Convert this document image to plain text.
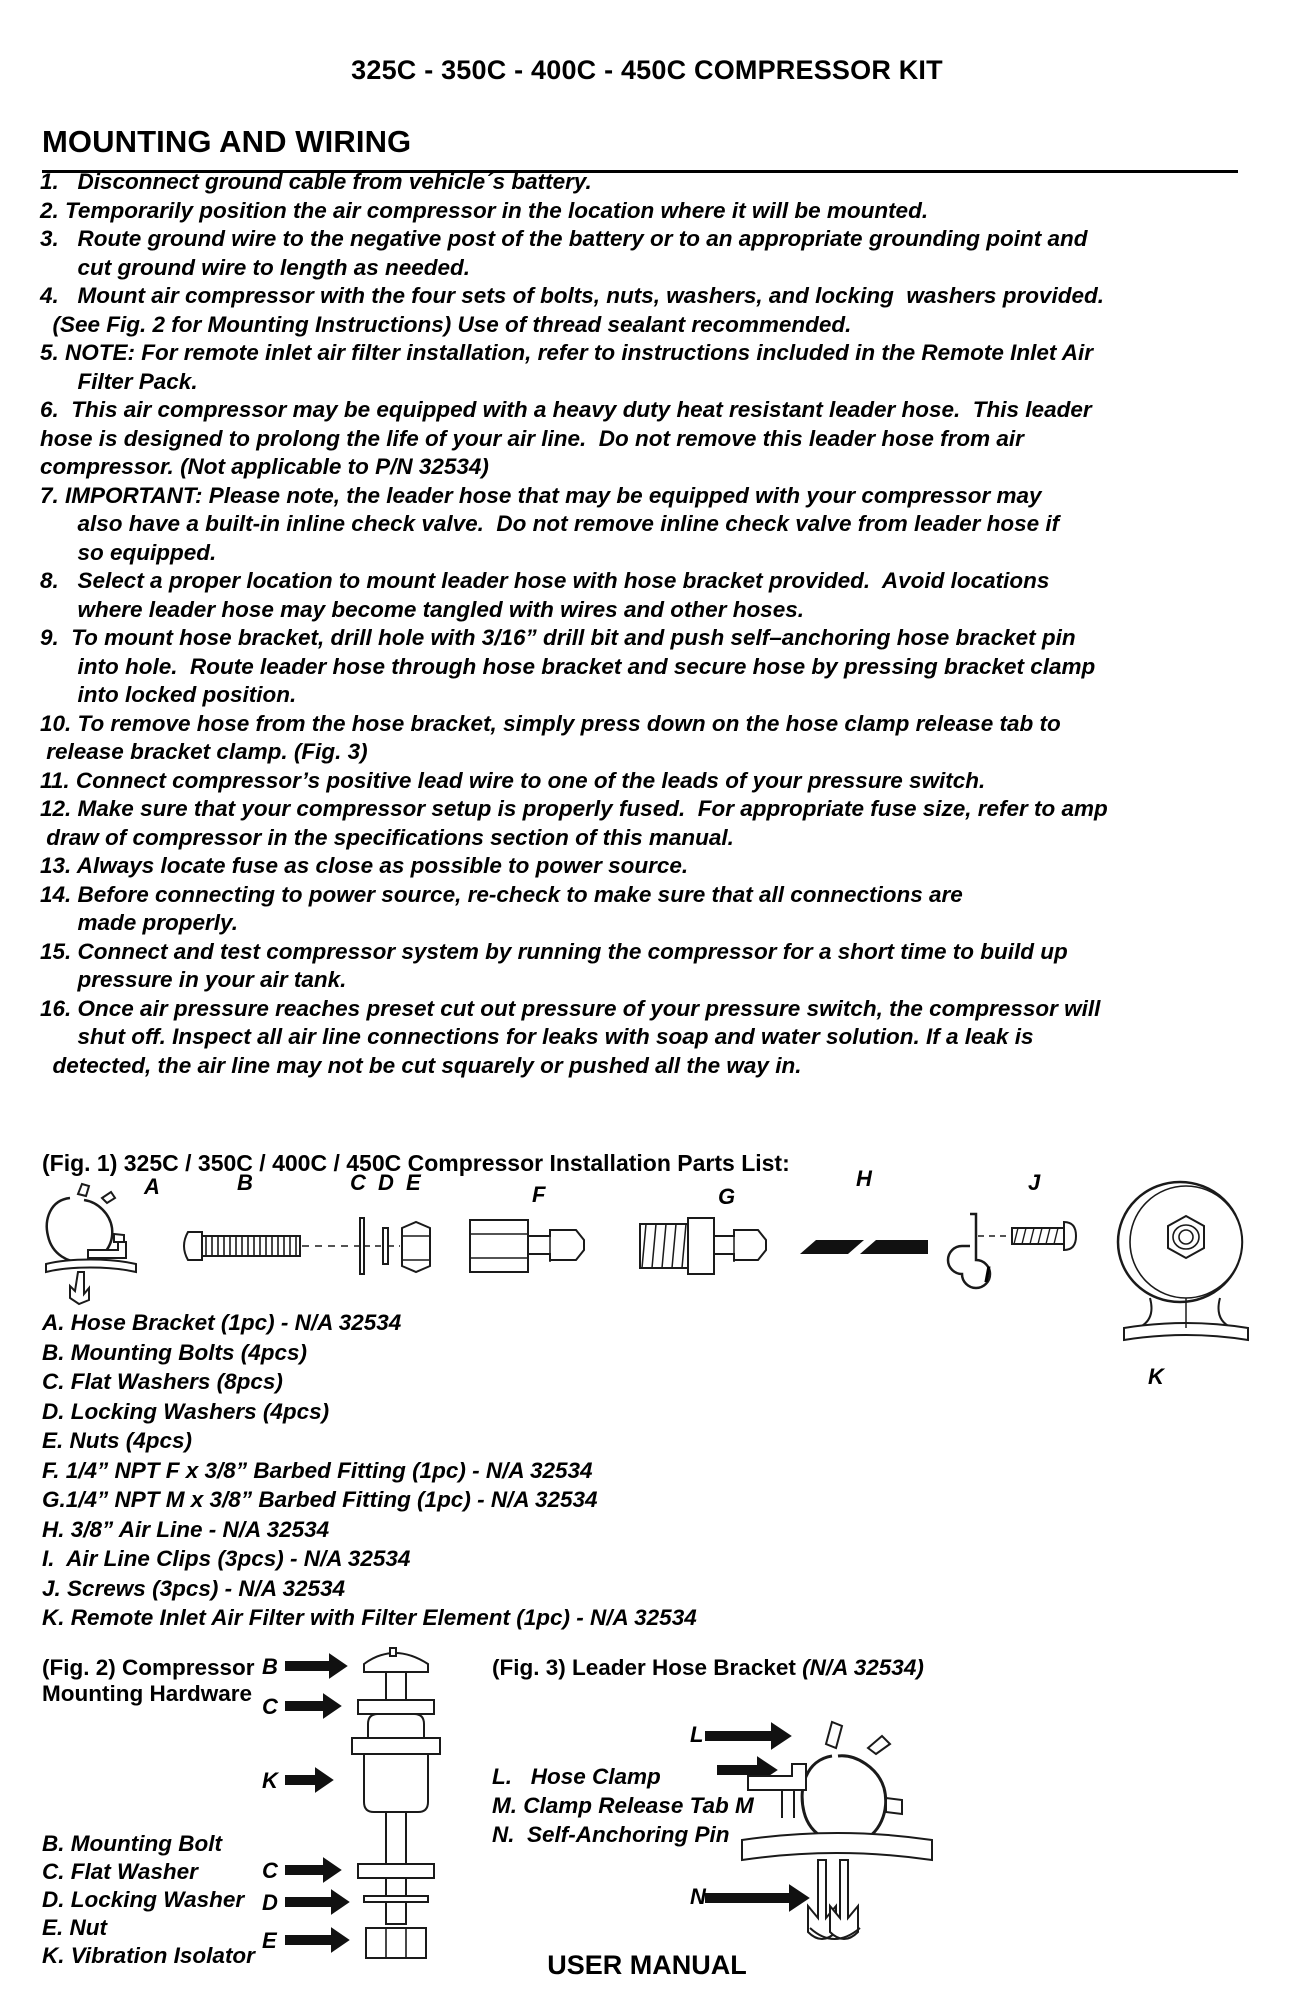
325C - 350C - 400C - 450C COMPRESSOR KIT
MOUNTING AND WIRING
1.   Disconnect ground cable from vehicle´s battery.
2. Temporarily position the air compressor in the location where it will be mounted.
3.   Route ground wire to the negative post of the battery or to an appropriate grounding point and
cut ground wire to length as needed.
4.   Mount air compressor with the four sets of bolts, nuts, washers, and locking  washers provided.
(See Fig. 2 for Mounting Instructions) Use of thread sealant recommended.
5. NOTE: For remote inlet air filter installation, refer to instructions included in the Remote Inlet Air
Filter Pack.
6.  This air compressor may be equipped with a heavy duty heat resistant leader hose.  This leader
hose is designed to prolong the life of your air line.  Do not remove this leader hose from air
compressor. (Not applicable to P/N 32534)
7. IMPORTANT: Please note, the leader hose that may be equipped with your compressor may
also have a built-in inline check valve.  Do not remove inline check valve from leader hose if
so equipped.
8.   Select a proper location to mount leader hose with hose bracket provided.  Avoid locations
where leader hose may become tangled with wires and other hoses.
9.  To mount hose bracket, drill hole with 3/16” drill bit and push self–anchoring hose bracket pin
into hole.  Route leader hose through hose bracket and secure hose by pressing bracket clamp
into locked position.
10. To remove hose from the hose bracket, simply press down on the hose clamp release tab to
release bracket clamp. (Fig. 3)
11. Connect compressor’s positive lead wire to one of the leads of your pressure switch.
12. Make sure that your compressor setup is properly fused.  For appropriate fuse size, refer to amp
draw of compressor in the specifications section of this manual.
13. Always locate fuse as close as possible to power source.
14. Before connecting to power source, re-check to make sure that all connections are
made properly.
15. Connect and test compressor system by running the compressor for a short time to build up
pressure in your air tank.
16. Once air pressure reaches preset cut out pressure of your pressure switch, the compressor will
shut off. Inspect all air line connections for leaks with soap and water solution. If a leak is
detected, the air line may not be cut squarely or pushed all the way in.
(Fig. 1) 325C / 350C / 400C / 450C Compressor Installation Parts List:
A	B	C D E	F	G
H
I
J
K
A. Hose Bracket (1pc) - N/A 32534
B. Mounting Bolts (4pcs)
C. Flat Washers (8pcs)
D. Locking Washers (4pcs)
E. Nuts (4pcs)
F. 1/4” NPT F x 3/8” Barbed Fitting (1pc) - N/A 32534
G.1/4” NPT M x 3/8” Barbed Fitting (1pc) - N/A 32534
H. 3/8” Air Line - N/A 32534
I.  Air Line Clips (3pcs) - N/A 32534
J. Screws (3pcs) - N/A 32534
K. Remote Inlet Air Filter with Filter Element (1pc) - N/A 32534
(Fig. 2) Compressor
Mounting Hardware
B. Mounting Bolt
C. Flat Washer
D. Locking Washer
E. Nut
K. Vibration Isolator
B
C
K
C
D
E
(Fig. 3) Leader Hose Bracket (N/A 32534)
L.   Hose Clamp
M. Clamp Release Tab M
N.  Self-Anchoring Pin
L
N
USER MANUAL
